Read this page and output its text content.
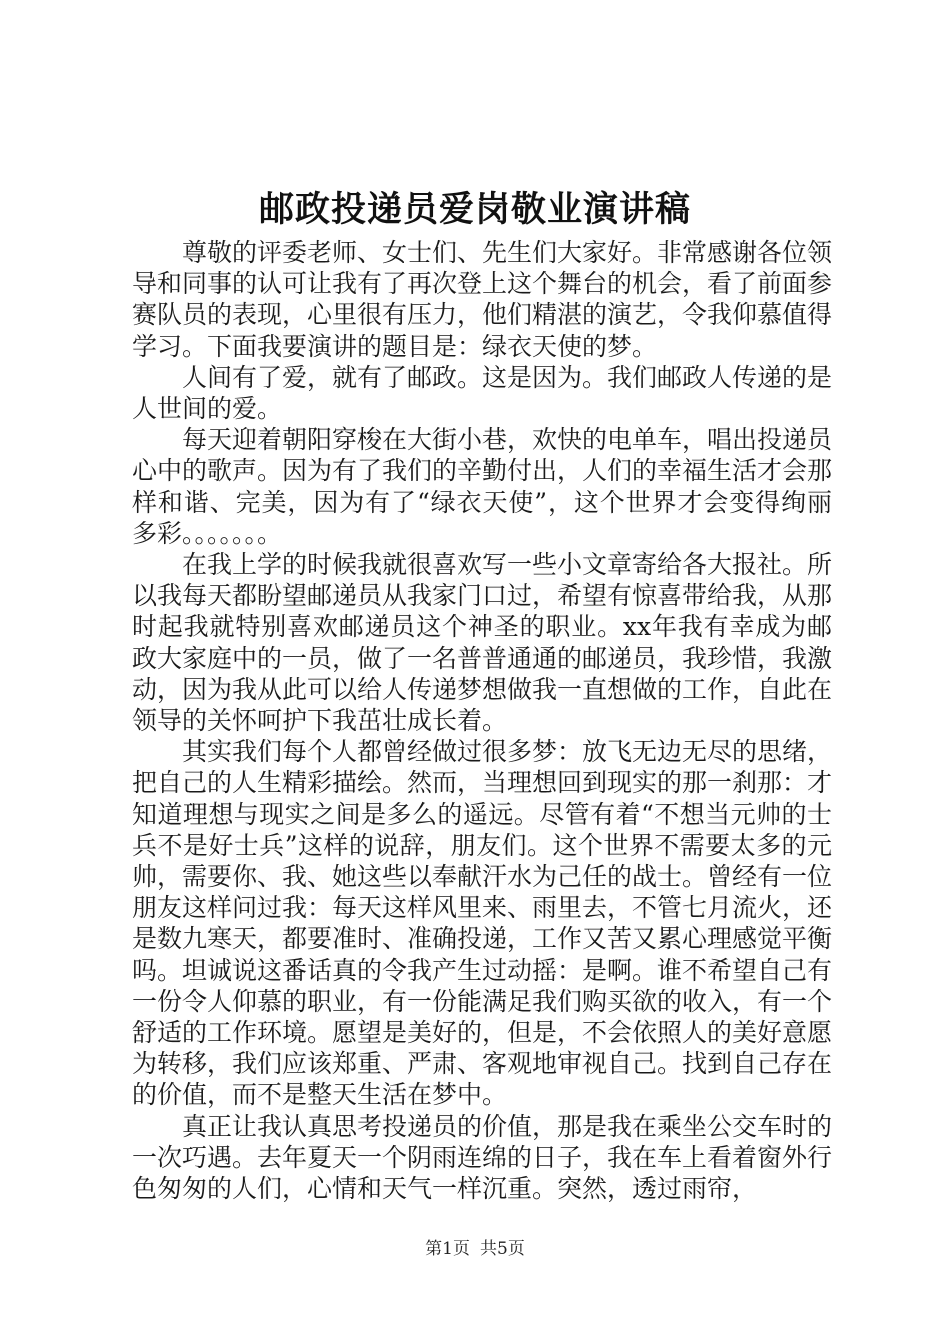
邮政投递员爱岗敬业演讲稿

尊敬的评委老师、女士们、先生们大家好。非常感谢各位领导和同事的认可让我有了再次登上这个舞台的机会，看了前面参赛队员的表现，心里很有压力，他们精湛的演艺，令我仰慕值得学习。下面我要演讲的题目是：绿衣天使的梦。

人间有了爱，就有了邮政。这是因为。我们邮政人传递的是人世间的爱。

每天迎着朝阳穿梭在大街小巷，欢快的电单车，唱出投递员心中的歌声。因为有了我们的辛勤付出，人们的幸福生活才会那样和谐、完美，因为有了“绿衣天使”，这个世界才会变得绚丽多彩。。。。。。。

在我上学的时候我就很喜欢写一些小文章寄给各大报社。所以我每天都盼望邮递员从我家门口过，希望有惊喜带给我，从那时起我就特别喜欢邮递员这个神圣的职业。xx年我有幸成为邮政大家庭中的一员，做了一名普普通通的邮递员，我珍惜，我激动，因为我从此可以给人传递梦想做我一直想做的工作，自此在领导的关怀呵护下我茁壮成长着。

其实我们每个人都曾经做过很多梦：放飞无边无尽的思绪，把自己的人生精彩描绘。然而，当理想回到现实的那一刹那：才知道理想与现实之间是多么的遥远。尽管有着“不想当元帅的士兵不是好士兵”这样的说辞，朋友们。这个世界不需要太多的元帅，需要你、我、她这些以奉献汗水为己任的战士。曾经有一位朋友这样问过我：每天这样风里来、雨里去，不管七月流火，还是数九寒天，都要准时、准确投递，工作又苦又累心理感觉平衡吗。坦诚说这番话真的令我产生过动摇：是啊。谁不希望自己有一份令人仰慕的职业，有一份能满足我们购买欲的收入，有一个舒适的工作环境。愿望是美好的，但是，不会依照人的美好意愿为转移，我们应该郑重、严肃、客观地审视自己。找到自己存在的价值，而不是整天生活在梦中。

真正让我认真思考投递员的价值，那是我在乘坐公交车时的一次巧遇。去年夏天一个阴雨连绵的日子，我在车上看着窗外行色匆匆的人们，心情和天气一样沉重。突然，透过雨帘，

第1页 共5页
